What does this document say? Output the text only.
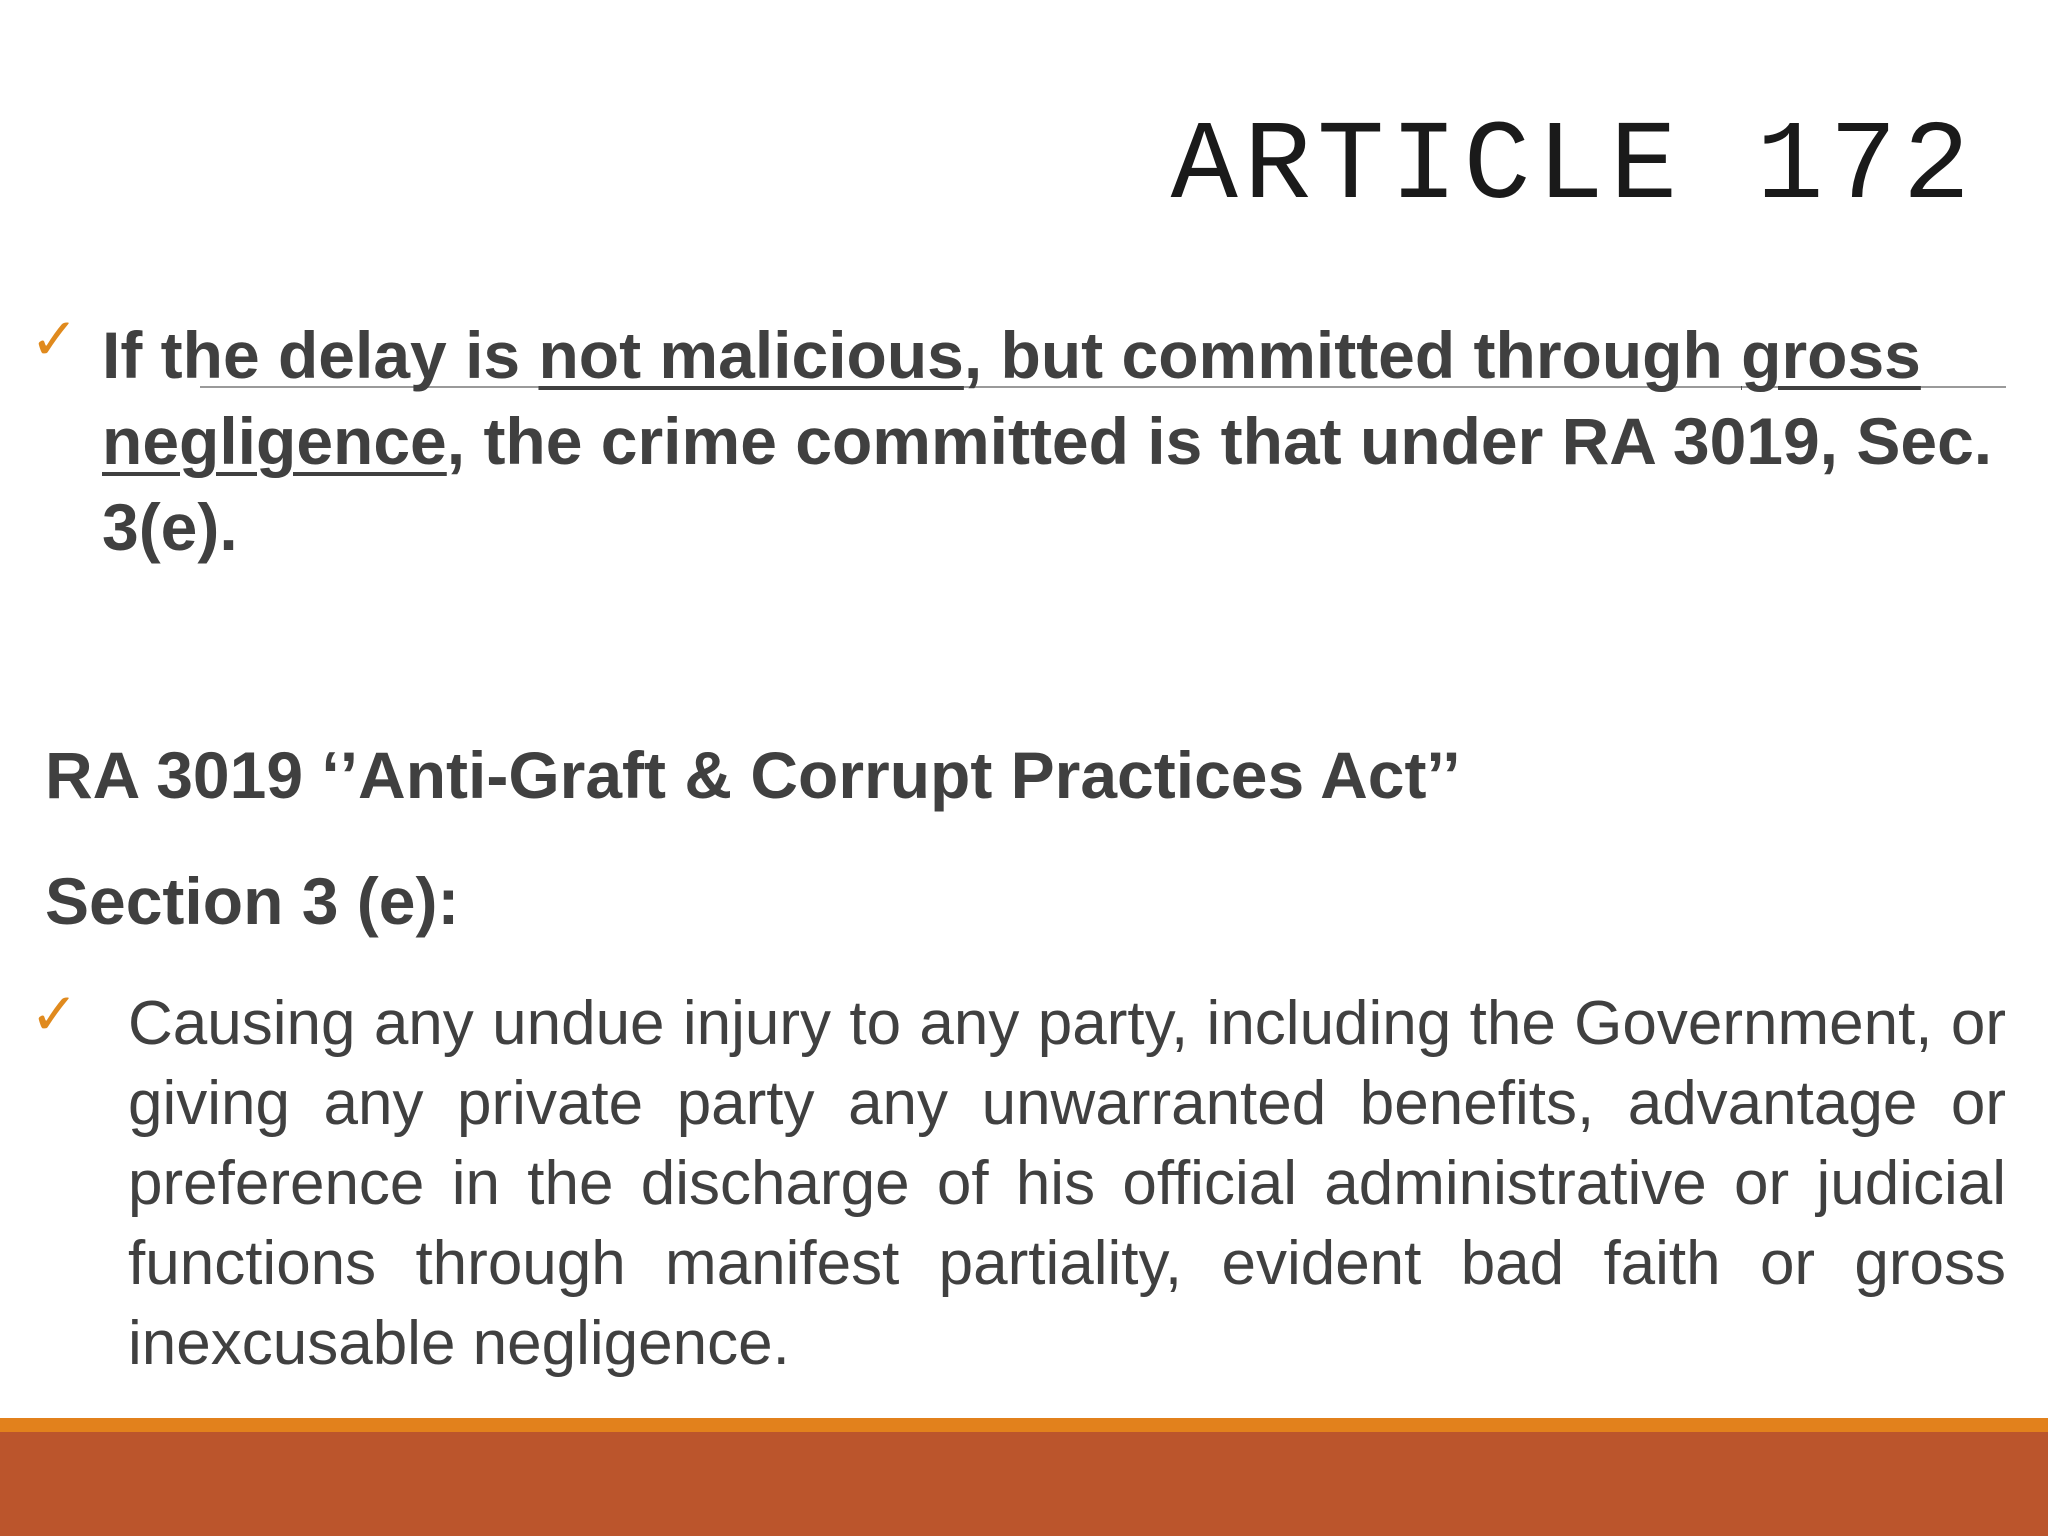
ARTICLE 172
✓ If the delay is not malicious, but committed through gross negligence, the crime committed is that under RA 3019, Sec. 3(e).

RA 3019 ‘’Anti-Graft & Corrupt Practices Act’’
Section 3 (e):
✓ Causing any undue injury to any party, including the Government, or giving any private party any unwarranted benefits, advantage or preference in the discharge of his official administrative or judicial functions through manifest partiality, evident bad faith or gross inexcusable negligence.
